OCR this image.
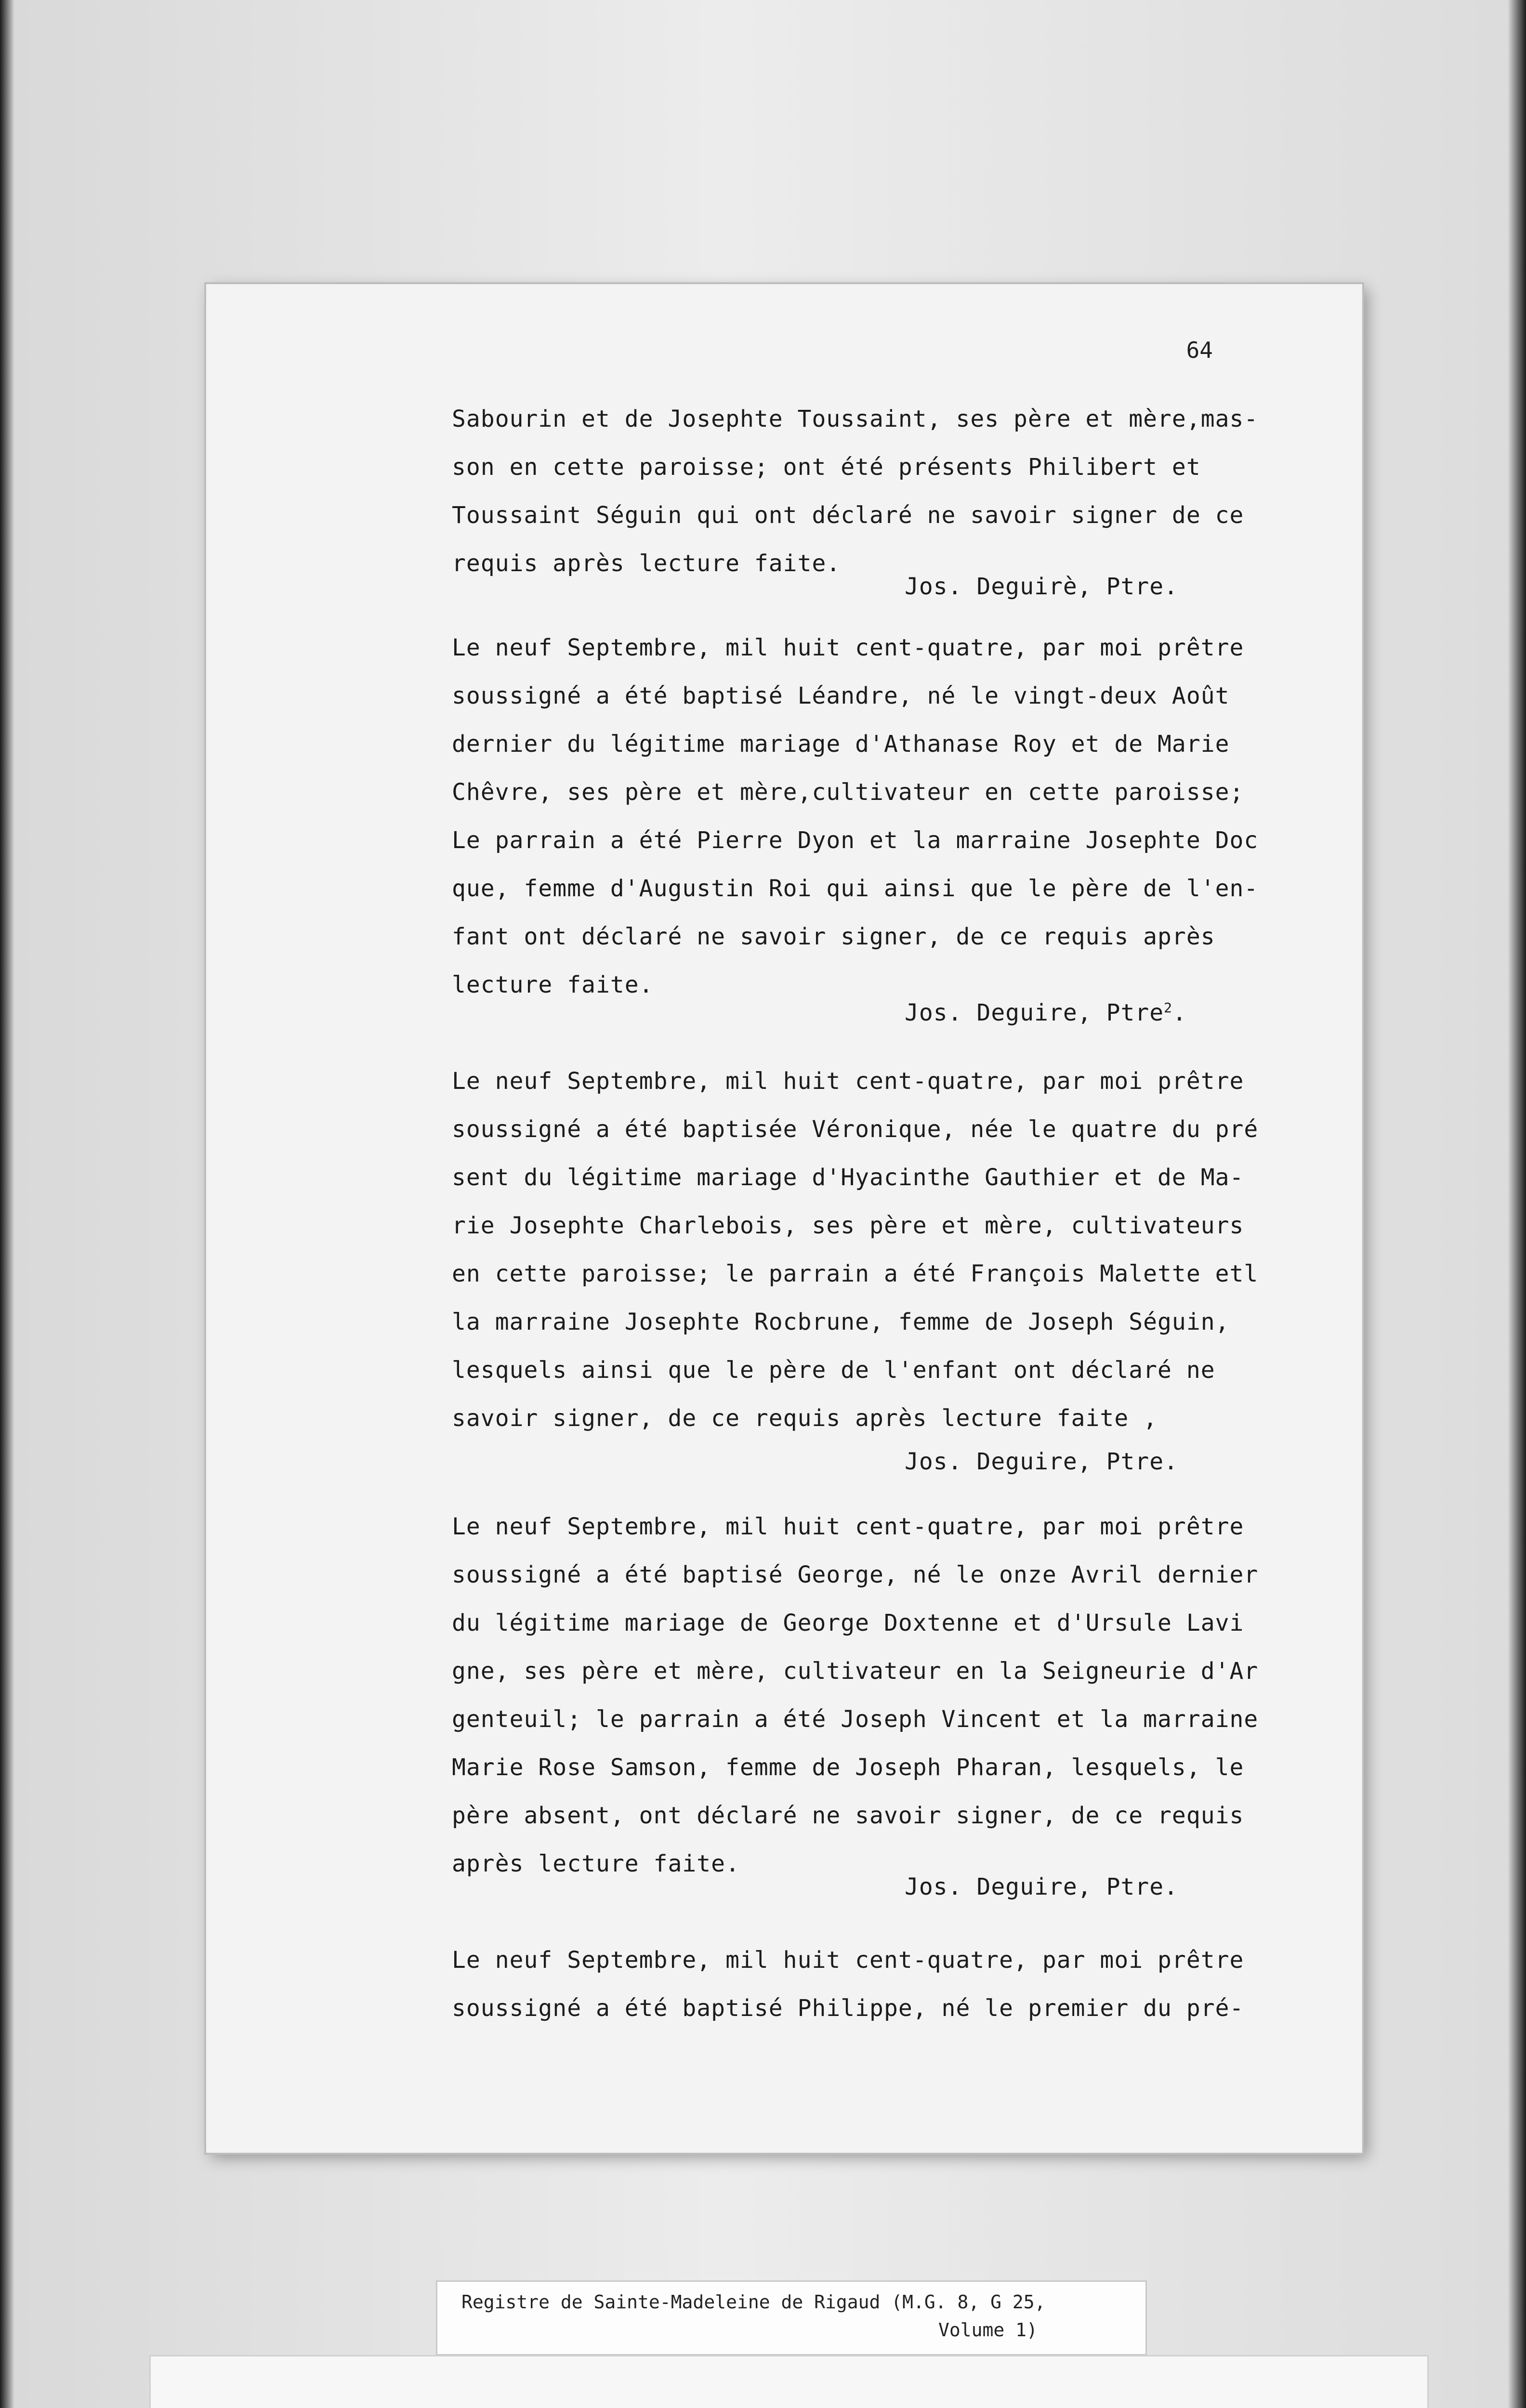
64

Sabourin et de Josephte Toussaint, ses père et mère,mas-

son en cette paroisse; ont été présents Philibert et

Toussaint Séguin qui ont déclaré ne savoir signer de ce

requis après lecture faite.

Jos. Deguirè, Ptre.

Le neuf Septembre, mil huit cent-quatre, par moi prêtre

soussigné a été baptisé Léandre, né le vingt-deux Août

dernier du légitime mariage d'Athanase Roy et de Marie

Chêvre, ses père et mère,cultivateur en cette paroisse;

Le parrain a été Pierre Dyon et la marraine Josephte Doc

que, femme d'Augustin Roi qui ainsi que le père de l'en-

fant ont déclaré ne savoir signer, de ce requis après

lecture faite.

Jos. Deguire, Ptre$^2$.

Le neuf Septembre, mil huit cent-quatre, par moi prêtre

soussigné a été baptisée Véronique, née le quatre du pré

sent du légitime mariage d'Hyacinthe Gauthier et de Ma-

rie Josephte Charlebois, ses père et mère, cultivateurs

en cette paroisse; le parrain a été François Malette etl

la marraine Josephte Rocbrune, femme de Joseph Séguin,

lesquels ainsi que le père de l'enfant ont déclaré ne

savoir signer, de ce requis après lecture faite ,

Jos. Deguire, Ptre.

Le neuf Septembre, mil huit cent-quatre, par moi prêtre

soussigné a été baptisé George, né le onze Avril dernier

du légitime mariage de George Doxtenne et d'Ursule Lavi

gne, ses père et mère, cultivateur en la Seigneurie d'Ar

genteuil; le parrain a été Joseph Vincent et la marraine

Marie Rose Samson, femme de Joseph Pharan, lesquels, le

père absent, ont déclaré ne savoir signer, de ce requis

après lecture faite.

Jos. Deguire, Ptre.

Le neuf Septembre, mil huit cent-quatre, par moi prêtre

soussigné a été baptisé Philippe, né le premier du pré-

Registre de Sainte-Madeleine de Rigaud (M.G. 8, G 25,
Volume 1)
